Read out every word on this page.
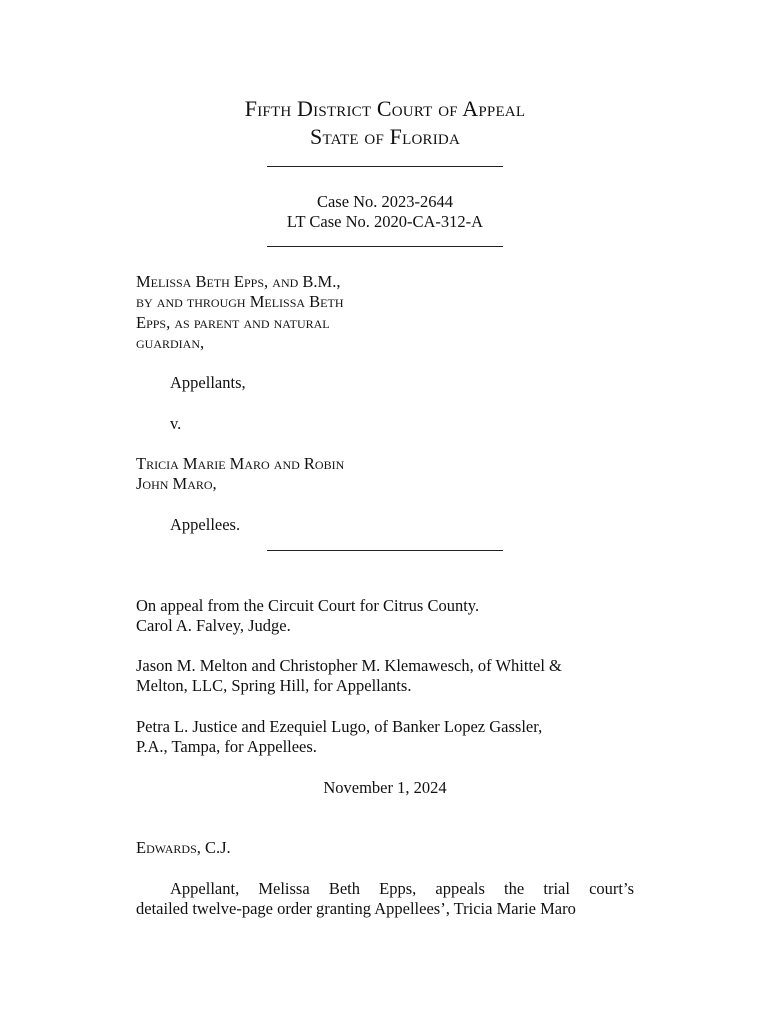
Fifth District Court of Appeal
State of Florida
Case No. 2023-2644
LT Case No. 2020-CA-312-A
Melissa Beth Epps, and B.M.,
by and through Melissa Beth
Epps, as parent and natural
guardian,
Appellants,
v.
Tricia Marie Maro and Robin
John Maro,
Appellees.
On appeal from the Circuit Court for Citrus County.
Carol A. Falvey, Judge.
Jason M. Melton and Christopher M. Klemawesch, of Whittel &
Melton, LLC, Spring Hill, for Appellants.
Petra L. Justice and Ezequiel Lugo, of Banker Lopez Gassler,
P.A., Tampa, for Appellees.
November 1, 2024
Edwards, C.J.
Appellant, Melissa Beth Epps, appeals the trial court’s
detailed twelve-page order granting Appellees’, Tricia Marie Maro
